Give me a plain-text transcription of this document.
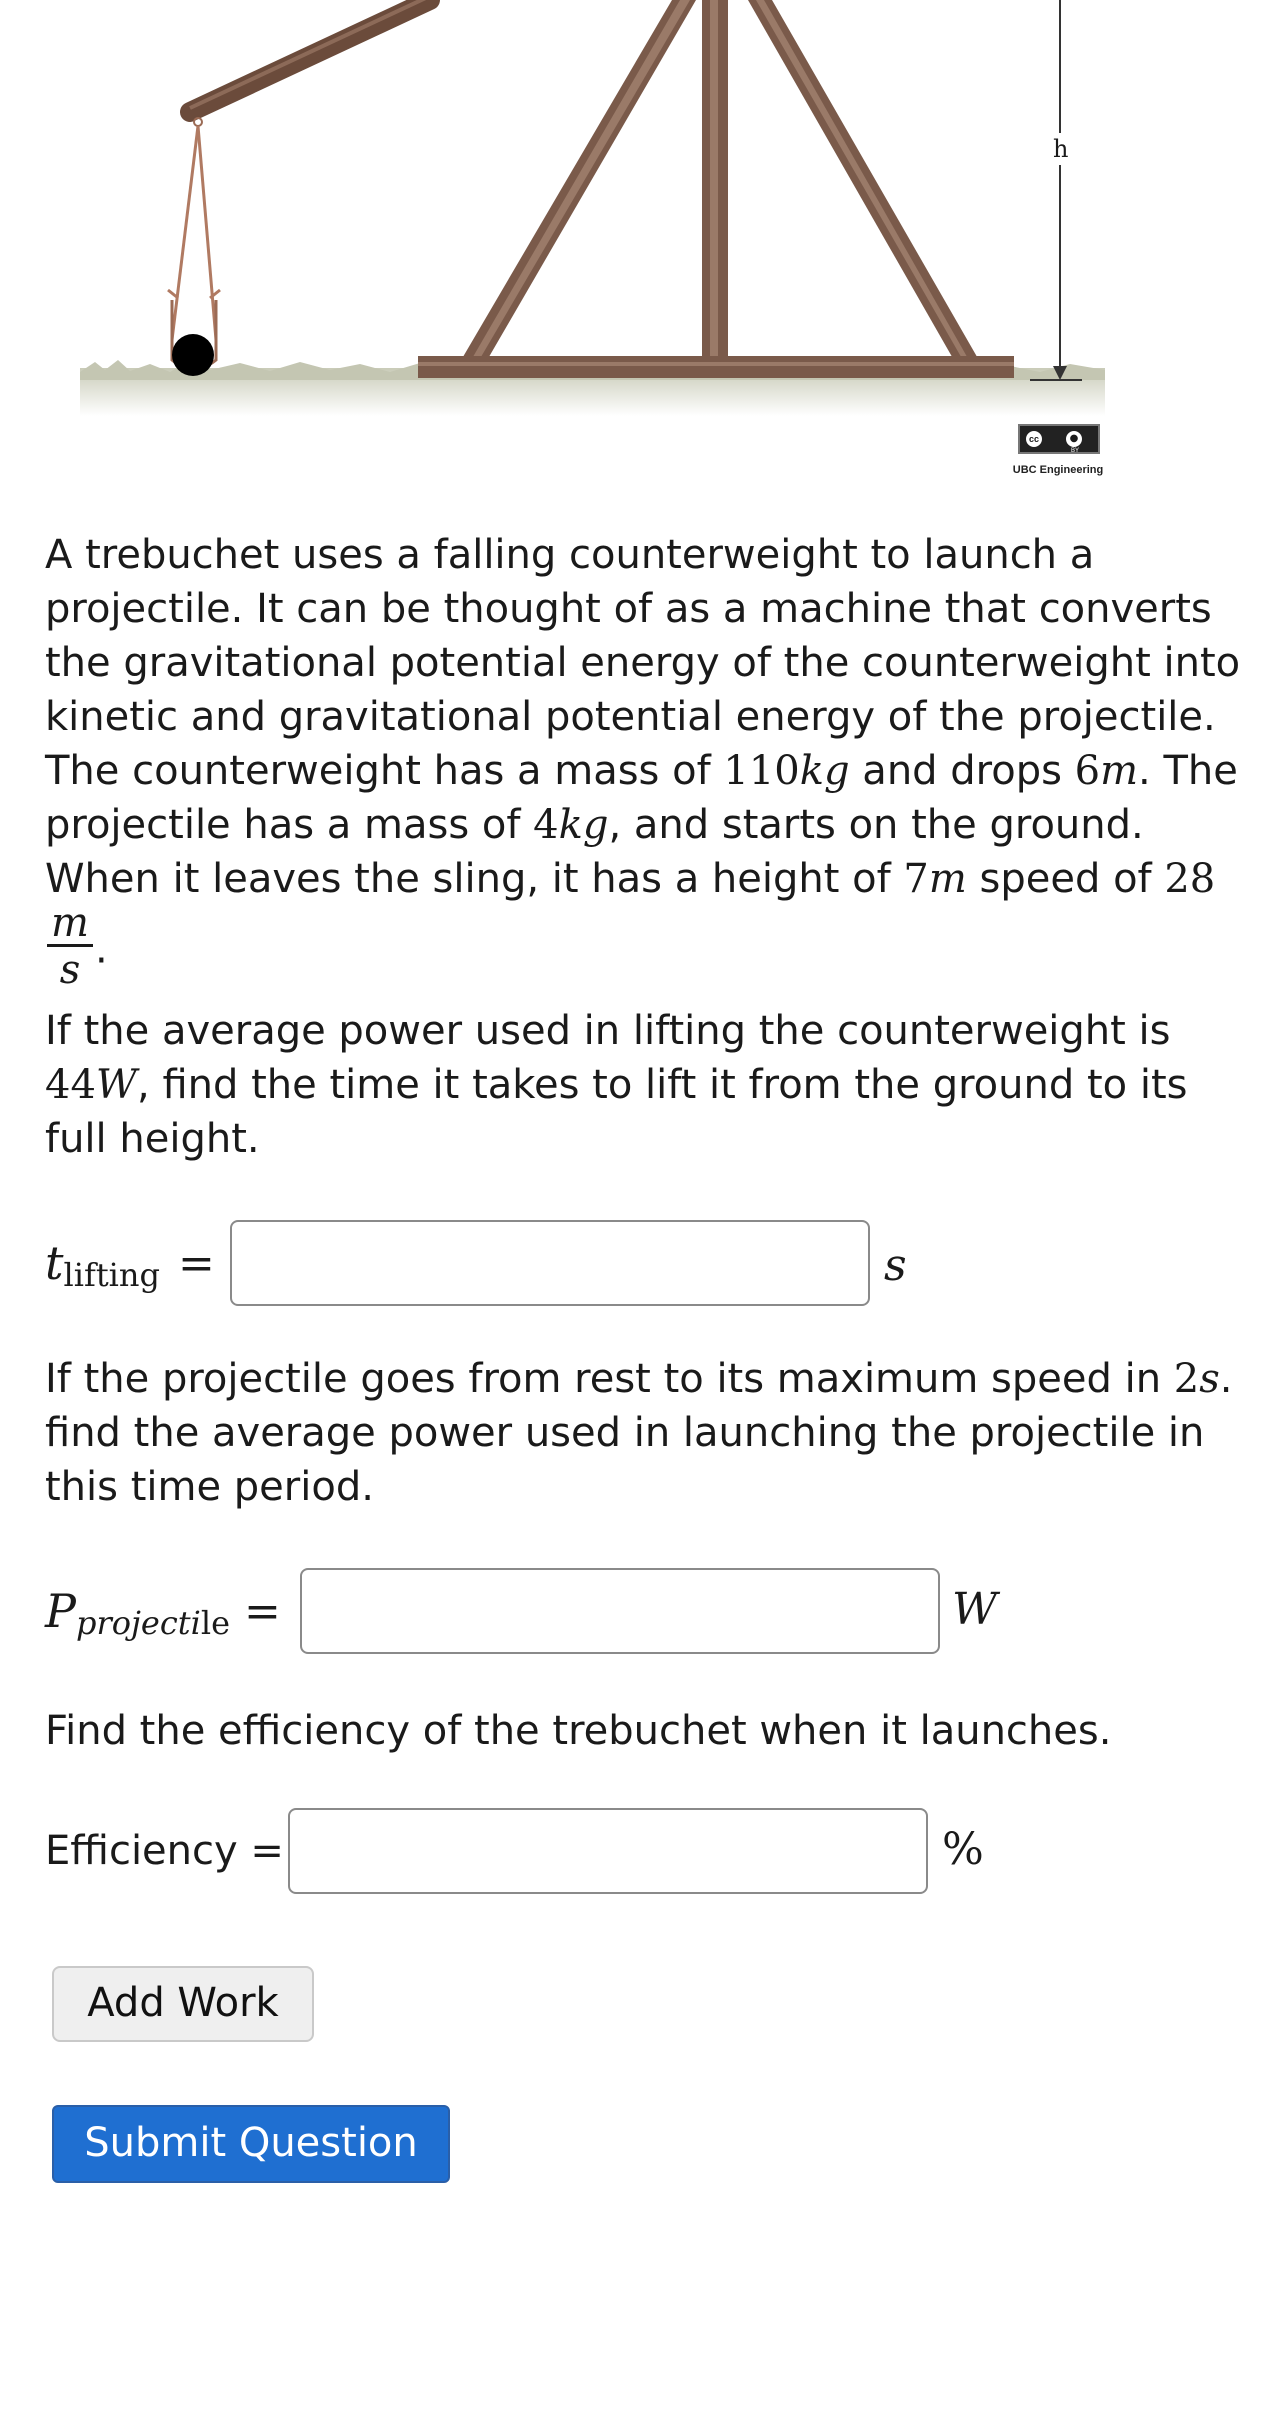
h
cc	●
BY
UBC Engineering
A trebuchet uses a falling counterweight to launch a projectile. It can be thought of as a machine that converts the gravitational potential energy of the counterweight into kinetic and gravitational potential energy of the projectile. The counterweight has a mass of 110kg and drops 6m. The projectile has a mass of 4kg, and starts on the ground. When it leaves the sling, it has a height of 7m speed of 28
$\frac{m}{s}$ .
If the average power used in lifting the counterweight is 44W, find the time it takes to lift it from the ground to its full height.
t lifting =	s
If the projectile goes from rest to its maximum speed in 2s. find the average power used in launching the projectile in this time period.
P projecti le =	W
Find the efficiency of the trebuchet when it launches.
Efficiency =	%
Add Work
Submit Question
